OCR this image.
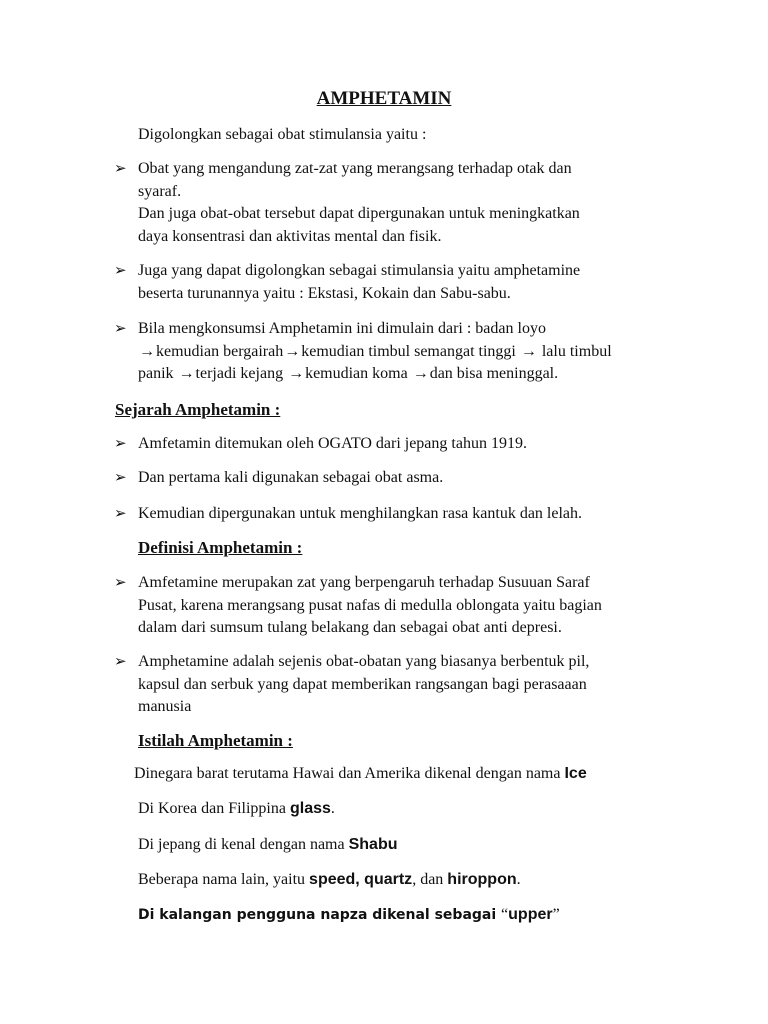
AMPHETAMIN
Digolongkan sebagai obat stimulansia yaitu :
➢ Obat yang mengandung zat-zat yang merangsang terhadap otak dan
syaraf.
Dan juga obat-obat tersebut dapat dipergunakan untuk meningkatkan
daya konsentrasi dan aktivitas mental dan fisik.
➢ Juga yang dapat digolongkan sebagai stimulansia yaitu amphetamine
beserta turunannya yaitu : Ekstasi, Kokain dan Sabu-sabu.
➢ Bila mengkonsumsi Amphetamin ini dimulain dari : badan loyo
→kemudian bergairah→kemudian timbul semangat tinggi → lalu timbul
panik →terjadi kejang →kemudian koma →dan bisa meninggal.
Sejarah Amphetamin :
➢ Amfetamin ditemukan oleh OGATO dari jepang tahun 1919.
➢ Dan pertama kali digunakan sebagai obat asma.
➢ Kemudian dipergunakan untuk menghilangkan rasa kantuk dan lelah.
Definisi Amphetamin :
➢ Amfetamine merupakan zat yang berpengaruh terhadap Susuuan Saraf
Pusat, karena merangsang pusat nafas di medulla oblongata yaitu bagian
dalam dari sumsum tulang belakang dan sebagai obat anti depresi.
➢ Amphetamine adalah sejenis obat-obatan yang biasanya berbentuk pil,
kapsul dan serbuk yang dapat memberikan rangsangan bagi perasaaan
manusia
Istilah Amphetamin :
Dinegara barat terutama Hawai dan Amerika dikenal dengan nama Ice
Di Korea dan Filippina glass.
Di jepang di kenal dengan nama Shabu
Beberapa nama lain, yaitu speed, quartz, dan hiroppon.
Di kalangan pengguna napza dikenal sebagai “upper”
